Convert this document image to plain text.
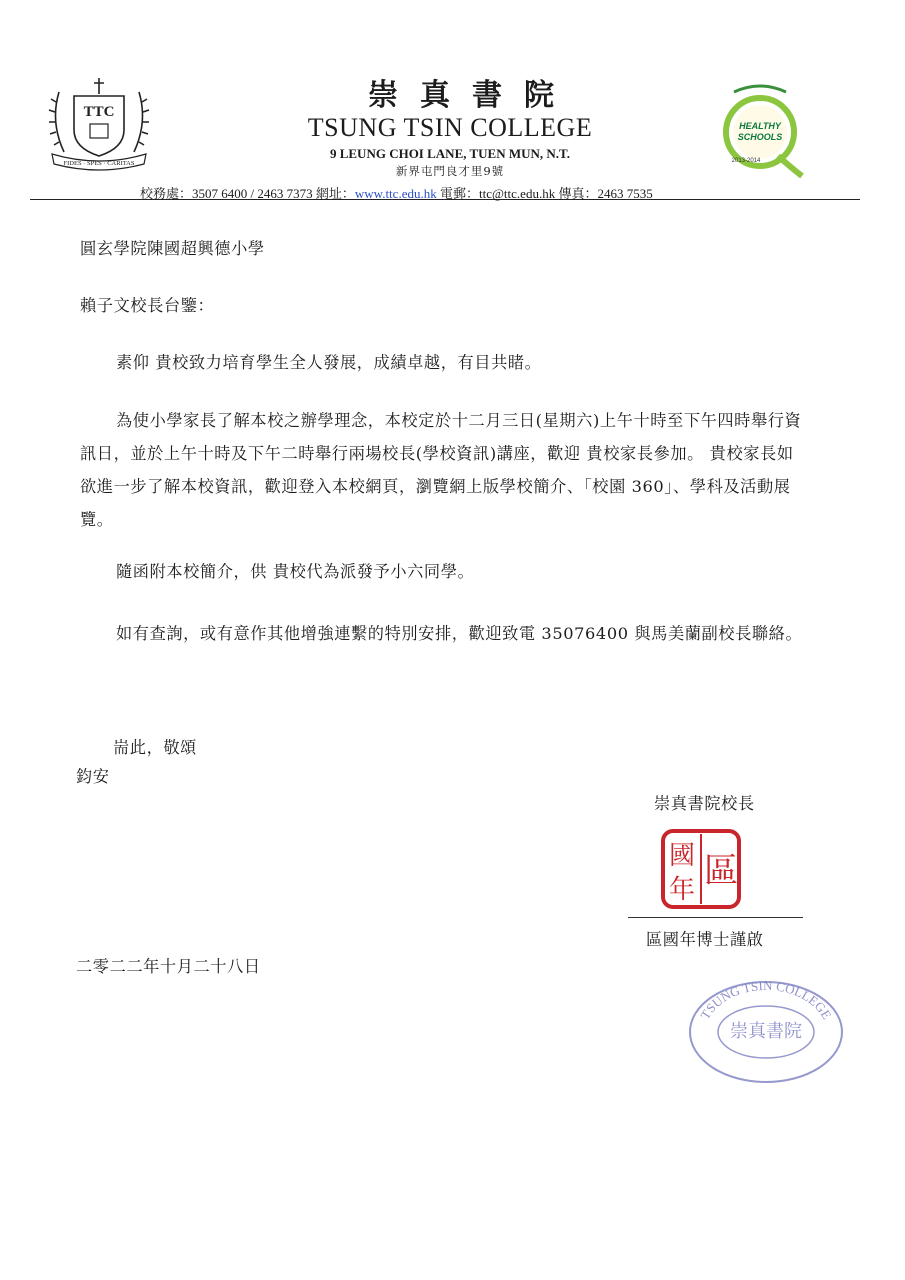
TTC
FIDES · SPES · CARITAS
崇真書院
TSUNG TSIN COLLEGE
9 LEUNG CHOI LANE, TUEN MUN, N.T.
新界屯門良才里9號
HEALTHY
SCHOOLS
2013-2014
校務處：3507 6400 / 2463 7373 網址：www.ttc.edu.hk 電郵：ttc@ttc.edu.hk 傳真：2463 7535
圓玄學院陳國超興德小學
賴子文校長台鑒：
素仰 貴校致力培育學生全人發展，成績卓越，有目共睹。
為使小學家長了解本校之辦學理念，本校定於十二月三日(星期六)上午十時至下午四時舉行資訊日，並於上午十時及下午二時舉行兩場校長(學校資訊)講座，歡迎 貴校家長參加。 貴校家長如欲進一步了解本校資訊，歡迎登入本校網頁，瀏覽網上版學校簡介、「校園 360」、學科及活動展覽。
隨函附本校簡介，供 貴校代為派發予小六同學。
如有查詢，或有意作其他增強連繫的特別安排，歡迎致電 35076400 與馬美蘭副校長聯絡。
耑此，敬頌
鈞安
崇真書院校長
國
年 區
區國年博士謹啟
二零二二年十月二十八日
TSUNG TSIN COLLEGE
崇真書院
